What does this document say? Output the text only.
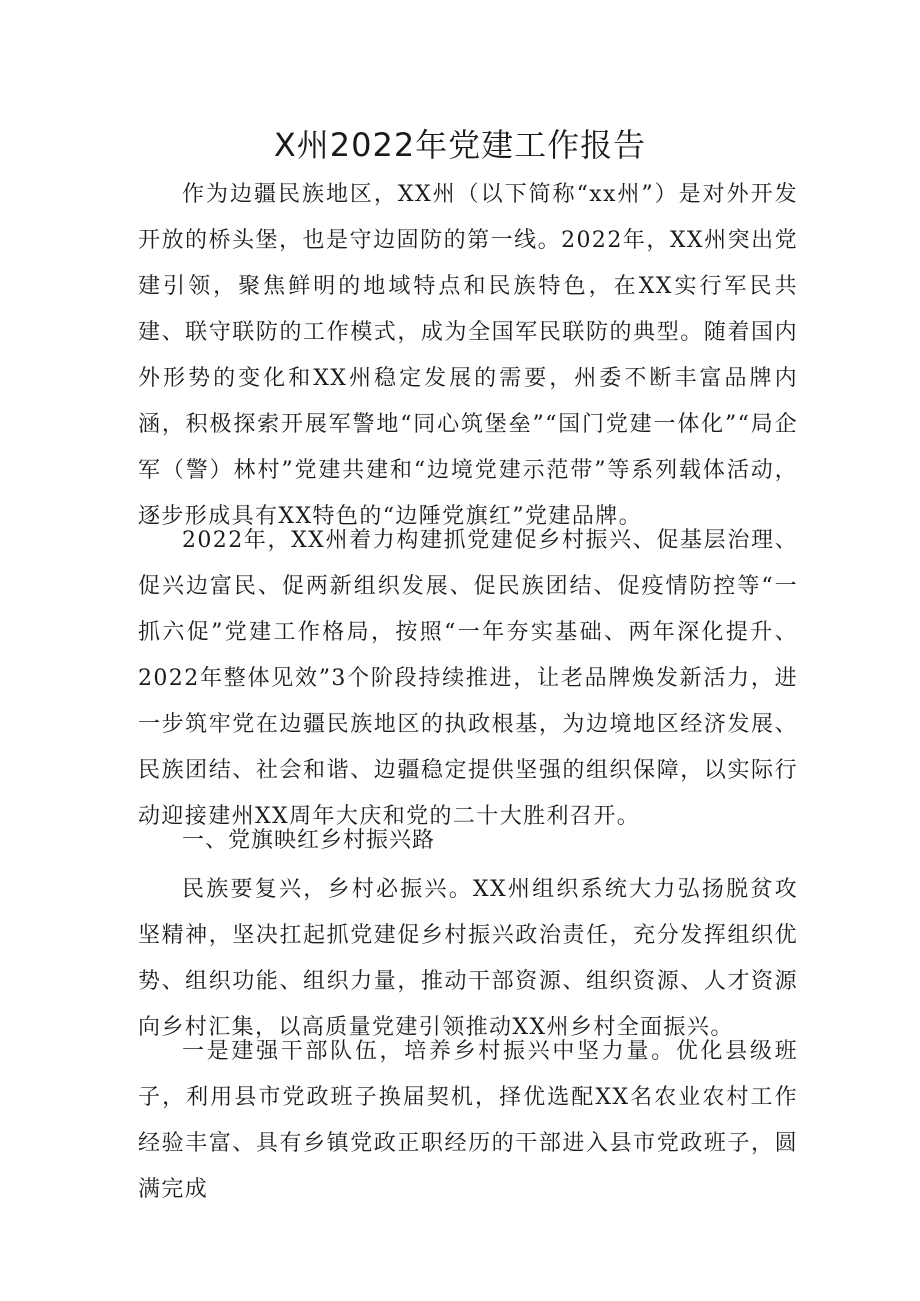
X州2022年党建工作报告

作为边疆民族地区，XX州（以下简称“xx州”）是对外开发开放的桥头堡，也是守边固防的第一线。2022年，XX州突出党建引领，聚焦鲜明的地域特点和民族特色，在XX实行军民共建、联守联防的工作模式，成为全国军民联防的典型。随着国内外形势的变化和XX州稳定发展的需要，州委不断丰富品牌内涵，积极探索开展军警地“同心筑堡垒”“国门党建一体化”“局企军（警）林村”党建共建和“边境党建示范带”等系列载体活动，逐步形成具有XX特色的“边陲党旗红”党建品牌。

2022年，XX州着力构建抓党建促乡村振兴、促基层治理、促兴边富民、促两新组织发展、促民族团结、促疫情防控等“一抓六促”党建工作格局，按照“一年夯实基础、两年深化提升、2022年整体见效”3个阶段持续推进，让老品牌焕发新活力，进一步筑牢党在边疆民族地区的执政根基，为边境地区经济发展、民族团结、社会和谐、边疆稳定提供坚强的组织保障，以实际行动迎接建州XX周年大庆和党的二十大胜利召开。

一、党旗映红乡村振兴路

民族要复兴，乡村必振兴。XX州组织系统大力弘扬脱贫攻坚精神，坚决扛起抓党建促乡村振兴政治责任，充分发挥组织优势、组织功能、组织力量，推动干部资源、组织资源、人才资源向乡村汇集，以高质量党建引领推动XX州乡村全面振兴。

一是建强干部队伍，培养乡村振兴中坚力量。优化县级班子，利用县市党政班子换届契机，择优选配XX名农业农村工作经验丰富、具有乡镇党政正职经历的干部进入县市党政班子，圆满完成
